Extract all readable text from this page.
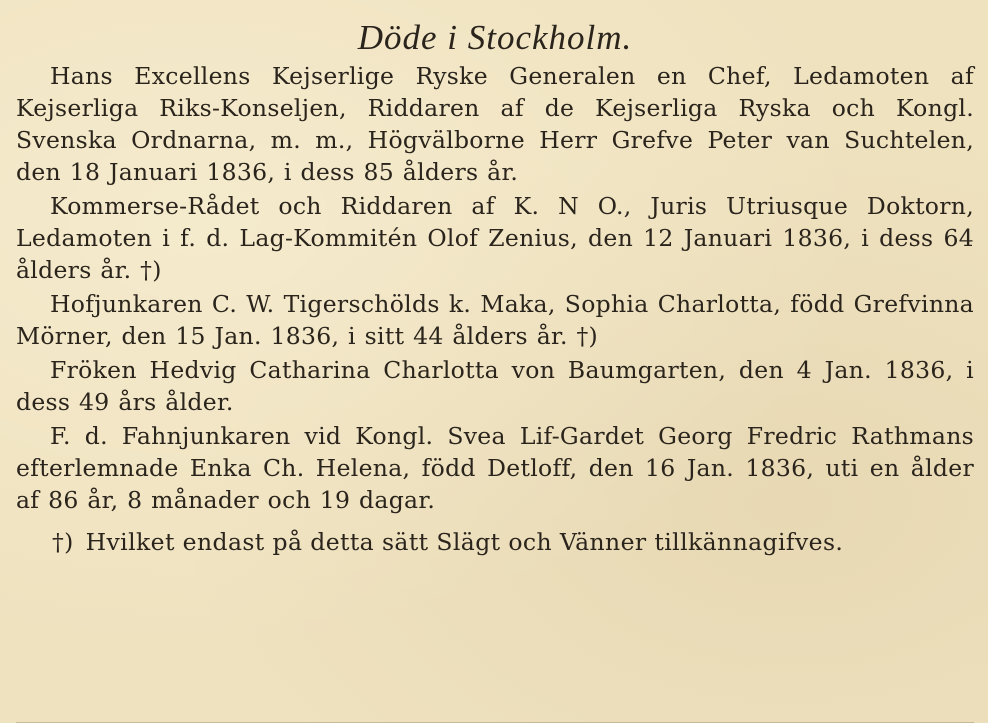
Döde i Stockholm.

Hans Excellens Kejserlige Ryske Generalen en Chef, Ledamoten af Kejserliga Riks-Konseljen, Riddaren af de Kejserliga Ryska och Kongl. Svenska Ordnarna, m. m., Högvälborne Herr Grefve Peter van Suchtelen, den 18 Januari 1836, i dess 85 ålders år.

Kommerse-Rådet och Riddaren af K. N O., Juris Utriusque Doktorn, Ledamoten i f. d. Lag-Kommitén Olof Zenius, den 12 Januari 1836, i dess 64 ålders år. †)

Hofjunkaren C. W. Tigerschölds k. Maka, Sophia Charlotta, född Grefvinna Mörner, den 15 Jan. 1836, i sitt 44 ålders år. †)

Fröken Hedvig Catharina Charlotta von Baumgarten, den 4 Jan. 1836, i dess 49 års ålder.

F. d. Fahnjunkaren vid Kongl. Svea Lif-Gardet Georg Fredric Rathmans efterlemnade Enka Ch. Helena, född Detloff, den 16 Jan. 1836, uti en ålder af 86 år, 8 månader och 19 dagar.

†) Hvilket endast på detta sätt Slägt och Vänner tillkännagifves.
